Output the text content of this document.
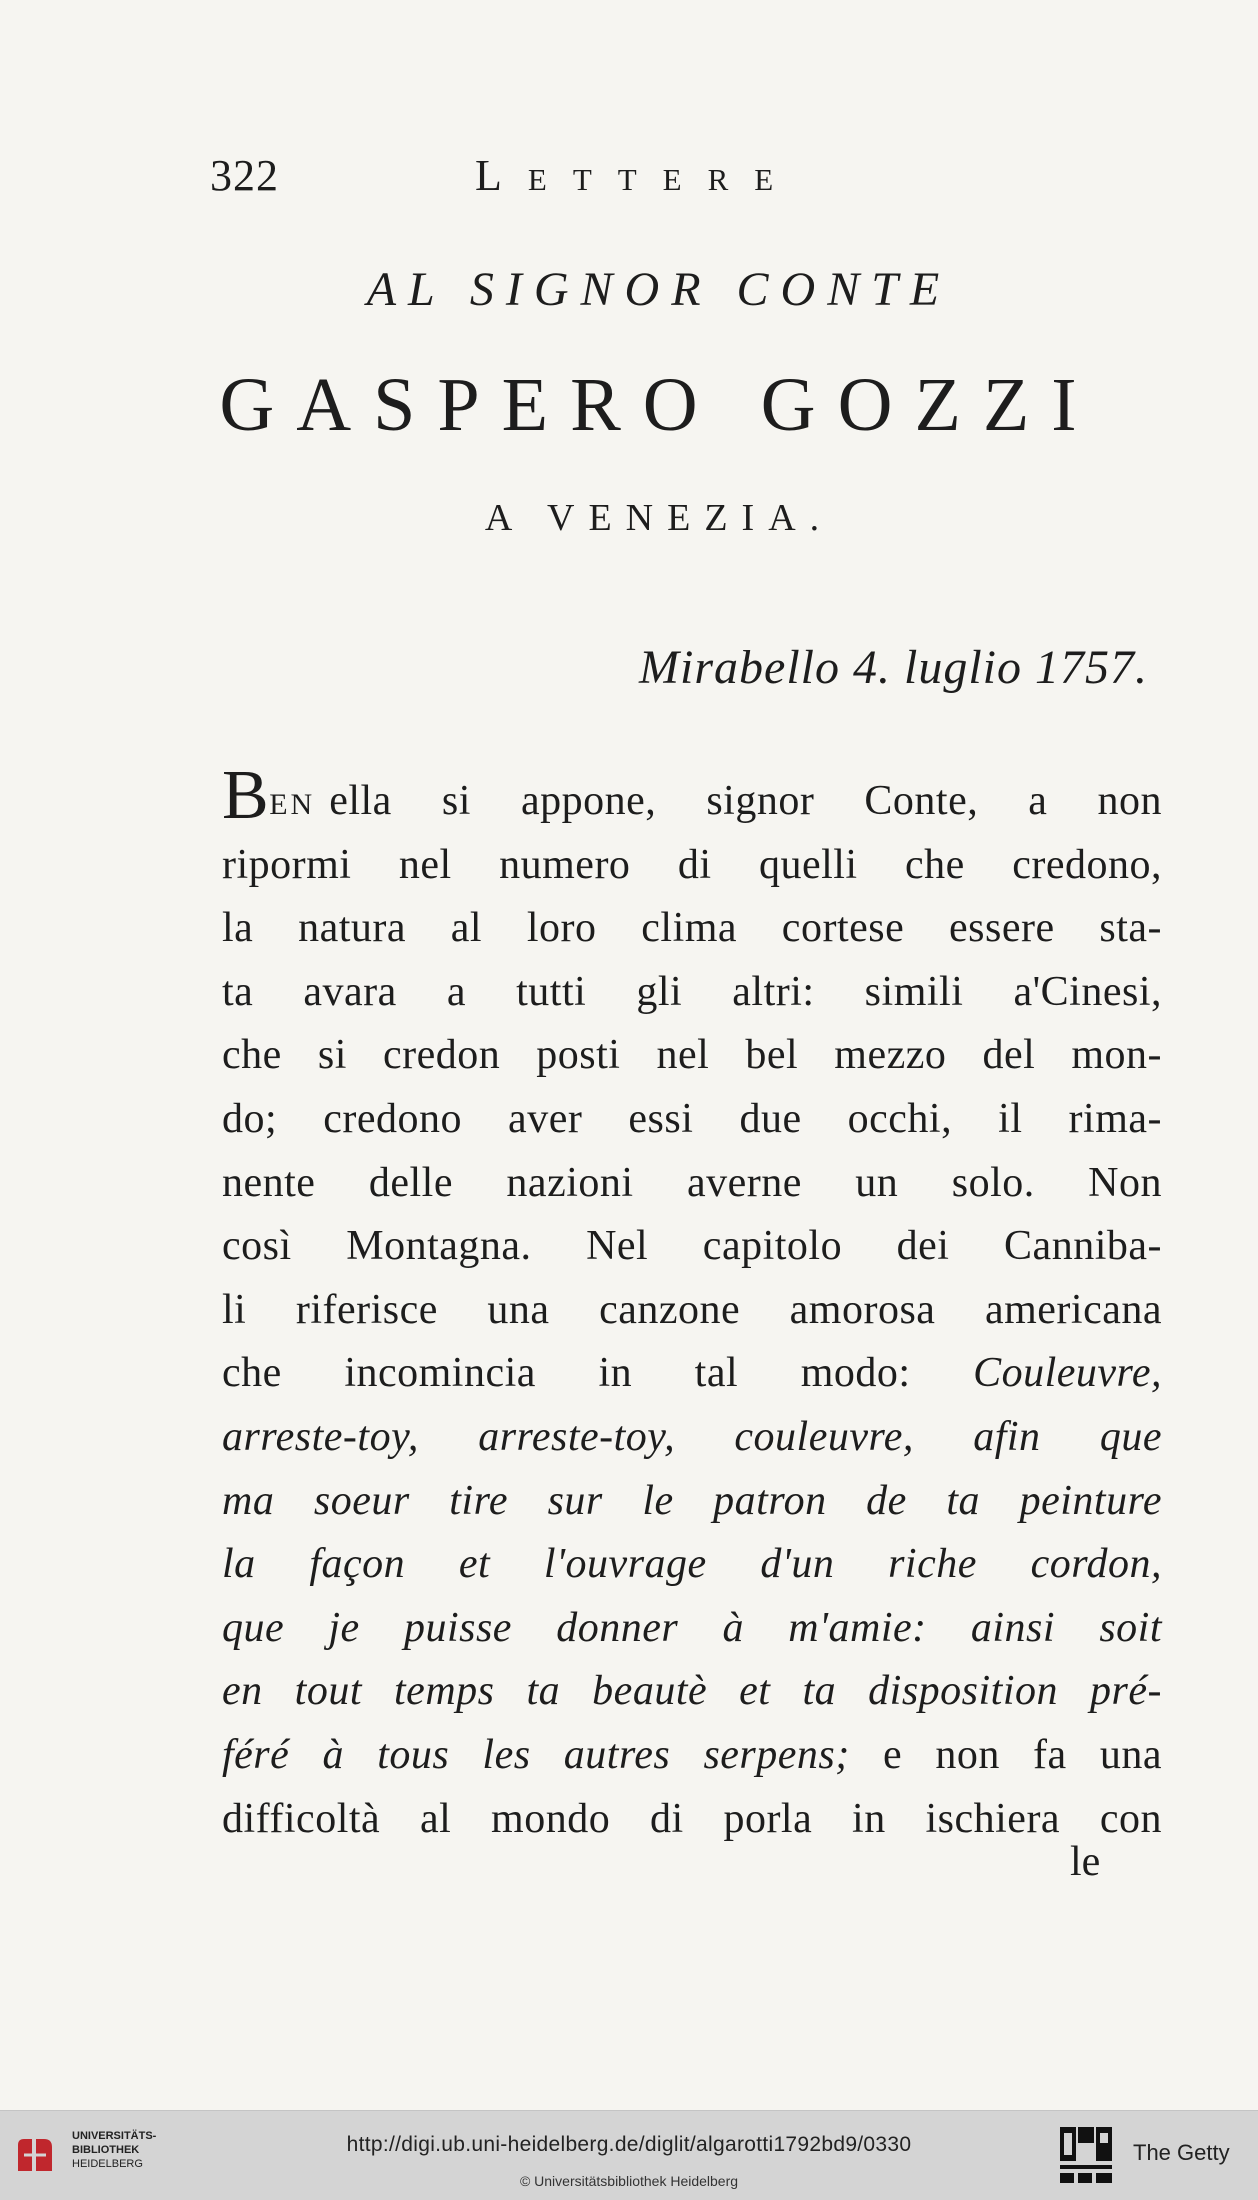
322	Lettere
AL SIGNOR CONTE
GASPERO GOZZI
A VENEZIA.
Mirabello 4. luglio 1757.
BEN ella si appone, signor Conte, a non
ripormi nel numero di quelli che credono,
la natura al loro clima cortese essere sta-
ta avara a tutti gli altri: simili a'Cinesi,
che si credon posti nel bel mezzo del mon-
do; credono aver essi due occhi, il rima-
nente delle nazioni averne un solo. Non
così Montagna. Nel capitolo dei Canniba-
li riferisce una canzone amorosa americana
che incomincia in tal modo: Couleuvre,
arreste-toy, arreste-toy, couleuvre, afin que
ma soeur tire sur le patron de ta peinture
la façon et l'ouvrage d'un riche cordon,
que je puisse donner à m'amie: ainsi soit
en tout temps ta beautè et ta disposition pré-
féré à tous les autres serpens; e non fa una
difficoltà al mondo di porla in ischiera con
le
UNIVERSITÄTS-
BIBLIOTHEK
HEIDELBERG
http://digi.ub.uni-heidelberg.de/diglit/algarotti1792bd9/0330
© Universitätsbibliothek Heidelberg
The Getty
